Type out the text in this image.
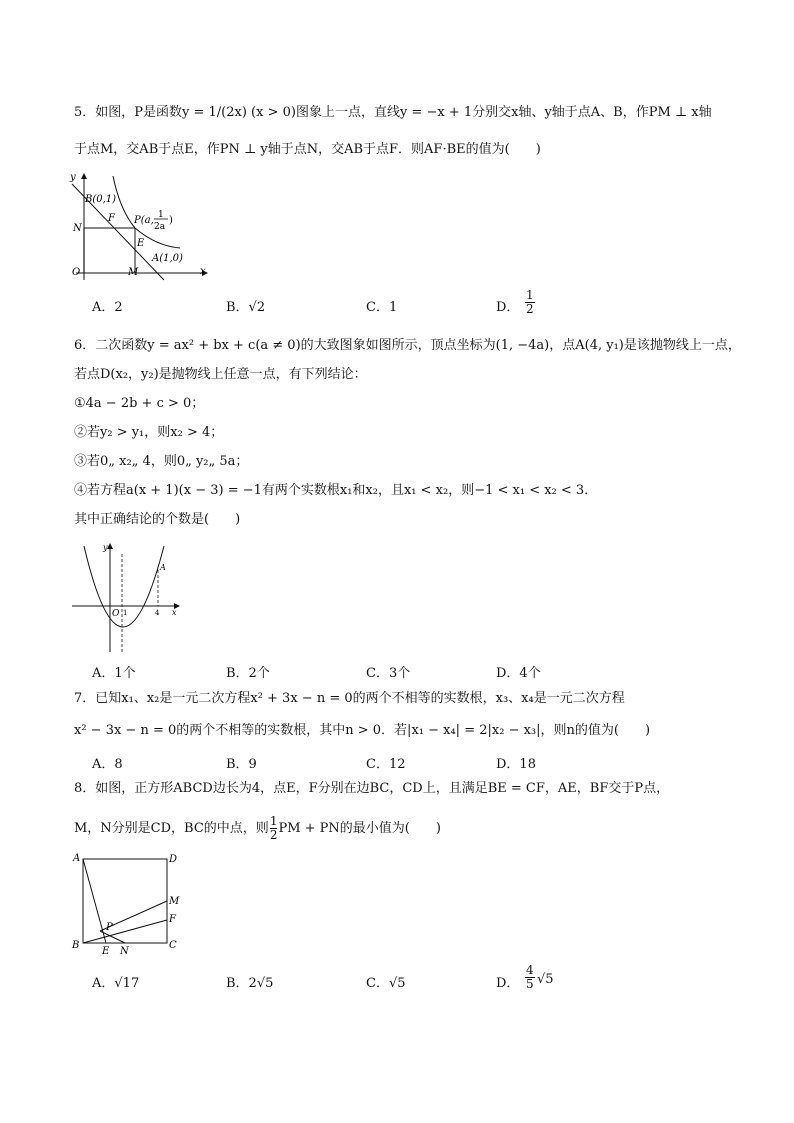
5．如图，P是函数y = 1/(2x) (x > 0)图象上一点，直线y = −x + 1分别交x轴、y轴于点A、B，作PM ⊥ x轴
于点M，交AB于点E，作PN ⊥ y轴于点N，交AB于点F．则AF·BE的值为(　　)
y
B(0,1)
F P(a, 1
2a
)
N
E
A(1,0)
O	M	x
A．2	B．√2	C．1	D． $\frac{1}{2}$
6．二次函数y = ax² + bx + c(a ≠ 0)的大致图象如图所示，顶点坐标为(1, −4a)，点A(4, y₁)是该抛物线上一点，
若点D(x₂，y₂)是抛物线上任意一点，有下列结论：
①4a − 2b + c > 0；
②若y₂ > y₁，则x₂ > 4；
③若0„ x₂„ 4，则0„ y₂„ 5a；
④若方程a(x + 1)(x − 3) = −1有两个实数根x₁和x₂，且x₁ < x₂，则−1 < x₁ < x₂ < 3．
其中正确结论的个数是(　　)
y
A
O 1	4 x
A．1个	B．2个	C．3个	D．4个
7．已知x₁、x₂是一元二次方程x² + 3x − n = 0的两个不相等的实数根，x₃、x₄是一元二次方程
x² − 3x − n = 0的两个不相等的实数根，其中n > 0．若|x₁ − x₄| = 2|x₂ − x₃|，则n的值为(　　)
A．8	B．9	C．12	D．18
8．如图，正方形ABCD边长为4，点E，F分别在边BC，CD上，且满足BE = CF，AE，BF交于P点，
M，N分别是CD，BC的中点，则 $\frac{1}{2}$ PM + PN的最小值为(　　)
A	D
M
F
P
B
E N
C
A．√17	B．2√5	C．√5	D． $\frac{4}{5} √5$
